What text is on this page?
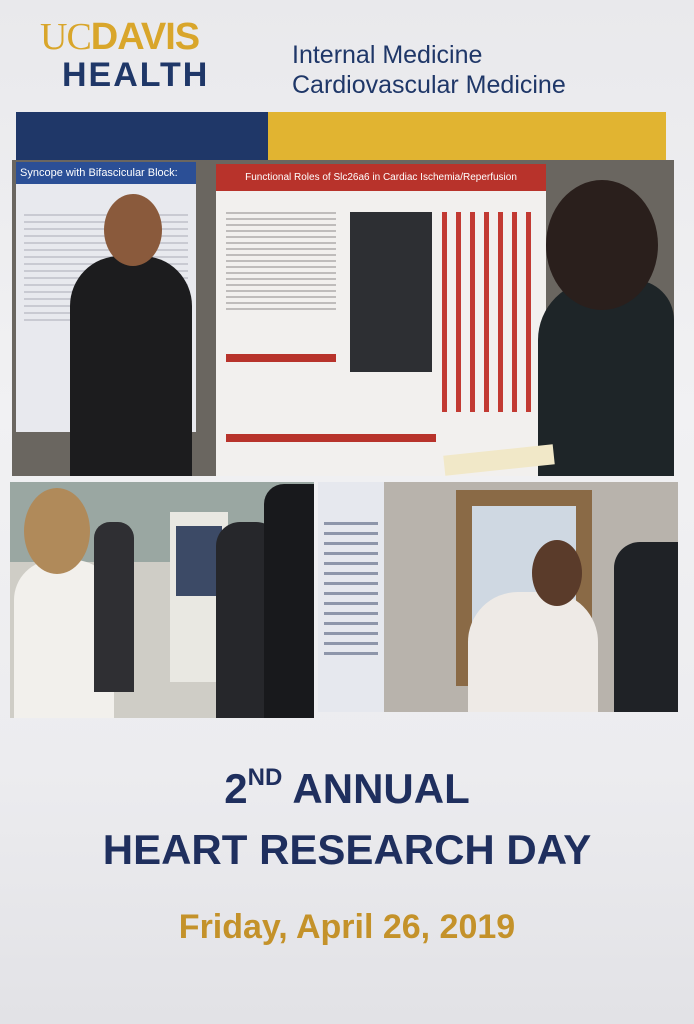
UCDAVIS
HEALTH
Internal Medicine
Cardiovascular Medicine
Syncope with Bifascicular Block:	Functional Roles of Slc26a6 in Cardiac Ischemia/Reperfusion
2ND ANNUAL
HEART RESEARCH DAY
Friday, April 26, 2019
